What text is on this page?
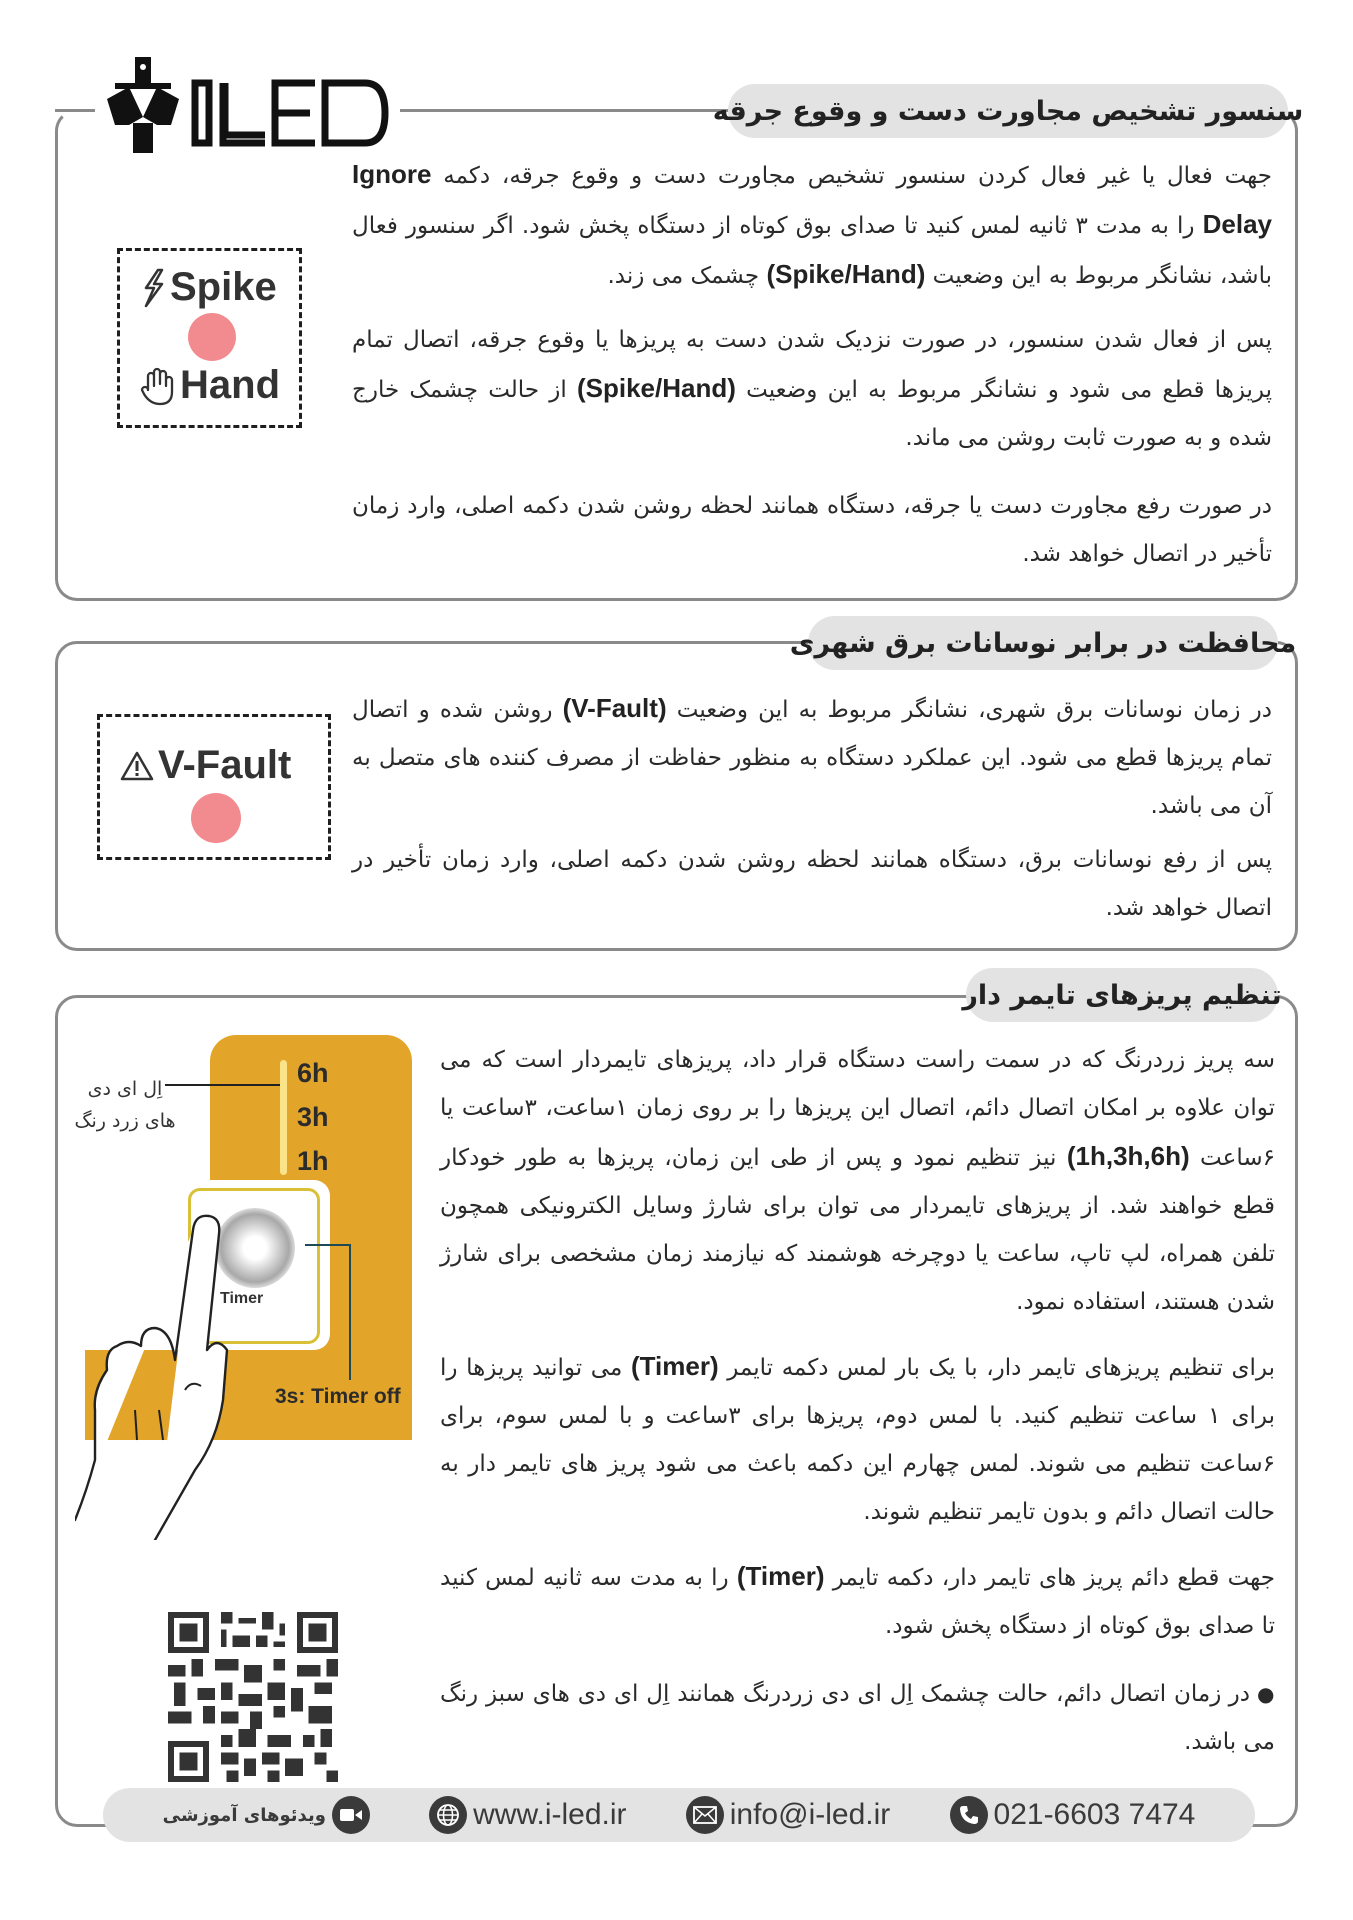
سنسور تشخیص مجاورت دست و وقوع جرقه
Spike
Hand

جهت فعال یا غیر فعال کردن سنسور تشخیص مجاورت دست و وقوع جرقه، دکمه Ignore Delay را به مدت ۳ ثانیه لمس کنید تا صدای بوق کوتاه از دستگاه پخش شود. اگر سنسور فعال باشد، نشانگر مربوط به این وضعیت (Spike/Hand) چشمک می زند.

پس از فعال شدن سنسور، در صورت نزدیک شدن دست به پریزها یا وقوع جرقه، اتصال تمام پریزها قطع می شود و نشانگر مربوط به این وضعیت (Spike/Hand) از حالت چشمک خارج شده و به صورت ثابت روشن می ماند.

در صورت رفع مجاورت دست یا جرقه، دستگاه همانند لحظه روشن شدن دکمه اصلی، وارد زمان تأخیر در اتصال خواهد شد.

محافظت در برابر نوسانات برق شهری
V-Fault

در زمان نوسانات برق شهری، نشانگر مربوط به این وضعیت (V-Fault) روشن شده و اتصال تمام پریزها قطع می شود. این عملکرد دستگاه به منظور حفاظت از مصرف کننده های متصل به آن می باشد.

پس از رفع نوسانات برق، دستگاه همانند لحظه روشن شدن دکمه اصلی، وارد زمان تأخیر در اتصال خواهد شد.

تنظیم پریزهای تایمر دار
6h
3h
1h
Timer
3s: Timer off
اِل ای دی های زرد رنگ

سه پریز زردرنگ که در سمت راست دستگاه قرار داد، پریزهای تایمردار است که می توان علاوه بر امکان اتصال دائم، اتصال این پریزها را بر روی زمان ۱ساعت، ۳ساعت یا ۶ساعت (1h,3h,6h) نیز تنظیم نمود و پس از طی این زمان، پریزها به طور خودکار قطع خواهند شد. از پریزهای تایمردار می توان برای شارژ وسایل الکترونیکی همچون تلفن همراه، لپ تاپ، ساعت یا دوچرخه هوشمند که نیازمند زمان مشخصی برای شارژ شدن هستند، استفاده نمود.

برای تنظیم پریزهای تایمر دار، با یک بار لمس دکمه تایمر (Timer) می توانید پریزها را برای ۱ ساعت تنظیم کنید. با لمس دوم، پریزها برای ۳ساعت و با لمس سوم، برای ۶ساعت تنظیم می شوند. لمس چهارم این دکمه باعث می شود پریز های تایمر دار به حالت اتصال دائم و بدون تایمر تنظیم شوند.

جهت قطع دائم پریز های تایمر دار، دکمه تایمر (Timer) را به مدت سه ثانیه لمس کنید تا صدای بوق کوتاه از دستگاه پخش شود.

● در زمان اتصال دائم، حالت چشمک اِل ای دی زردرنگ همانند اِل ای دی های سبز رنگ می باشد.

ویدئوهای آموزشی	www.i-led.ir	info@i-led.ir	021-6603 7474
